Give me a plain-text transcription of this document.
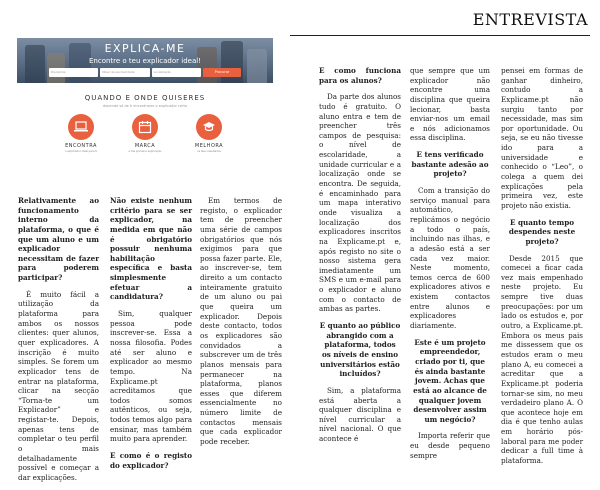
ENTREVISTA
EXPLICA-ME
Encontre o teu explicador ideal!
Disciplina	Nível de escolaridade	Localização	Procurar
QUANDO E ONDE QUISERES
depende só de ti encontrares o explicador certo
ENCONTRA
o explicador ideal para ti
MARCA
a tua primeira explicação
MELHORA
os teus resultados

Relativamente ao funcionamento interno da plataforma, o que é que um aluno e um explicador necessitam de fazer para poderem participar?

É muito fácil a utilização da plataforma para ambos os nossos clientes: quer alunos, quer explicadores. A inscrição é muito simples. Se forem um explicador tens de entrar na plataforma, clicar na secção “Torna-te um Explicador” e registar-te. Depois, apenas tens de completar o teu perfil o mais detalhadamente possível e começar a dar explicações.

Não existe nenhum critério para se ser explicador, na medida em que não é obrigatório possuir nenhuma habilitação específica e basta simplesmente efetuar a candidatura?

Sim, qualquer pessoa pode inscrever-se. Essa a nossa filosofia. Podes até ser aluno e explicador ao mesmo tempo. Na Explicame.pt acreditamos que todos somos autênticos, ou seja, todos temos algo para ensinar, mas também muito para aprender.

E como é o registo do explicador?

Em termos de registo, o explicador tem de preencher uma série de campos obrigatórios que nós exigimos para que possa fazer parte. Ele, ao inscrever-se, tem direito a um contacto inteiramente gratuito de um aluno ou pai que queira um explicador. Depois deste contacto, todos os explicadores são convidados a subscrever um de três planos mensais para permanecer na plataforma, planos esses que diferem essencialmente no número limite de contactos mensais que cada explicador pode receber.

E como funciona para os alunos?

Da parte dos alunos tudo é gratuito. O aluno entra e tem de preencher três campos de pesquisa: o nível de escolaridade, a unidade curricular e a localização onde se encontra. De seguida, é encaminhado para um mapa interativo onde visualiza a localização dos explicadores inscritos na Explicame.pt e, após registo no site o nosso sistema gera imediatamente um SMS e um e-mail para o explicador e aluno com o contacto de ambas as partes.

E quanto ao público abrangido com a plataforma, todos os níveis de ensino universitários estão incluídos?

Sim, a plataforma está aberta a qualquer disciplina e nível curricular a nível nacional. O que acontece é

que sempre que um explicador não encontre uma disciplina que queira lecionar, basta enviar-nos um email e nós adicionamos essa disciplina.

E tens verificado bastante adesão ao projeto?

Com a transição do serviço manual para automático, replicámos o negócio a todo o país, incluindo nas ilhas, e a adesão está a ser cada vez maior. Neste momento, temos cerca de 600 explicadores ativos e existem contactos entre alunos e explicadores diariamente.

Este é um projeto empreendedor, criado por ti, que és ainda bastante jovem. Achas que está ao alcance de qualquer jovem desenvolver assim um negócio?

Importa referir que eu desde pequeno sempre

pensei em formas de ganhar dinheiro, contudo a Explicame.pt não surgiu tanto por necessidade, mas sim por oportunidade. Ou seja, se eu não tivesse ido para a universidade e conhecido o “Leo”, o colega a quem dei explicações pela primeira vez, este projeto não existia.

E quanto tempo despendes neste projeto?

Desde 2015 que comecei a ficar cada vez mais empenhado neste projeto. Eu sempre tive duas preocupações: por um lado os estudos e, por outro, a Explicame.pt. Embora os meus pais me dissessem que os estudos eram o meu plano A, eu comecei a acreditar que a Explicame.pt poderia tornar-se sim, no meu verdadeiro plano A. O que acontece hoje em dia é que tenho aulas em horário pós-laboral para me poder dedicar a full time à plataforma.
